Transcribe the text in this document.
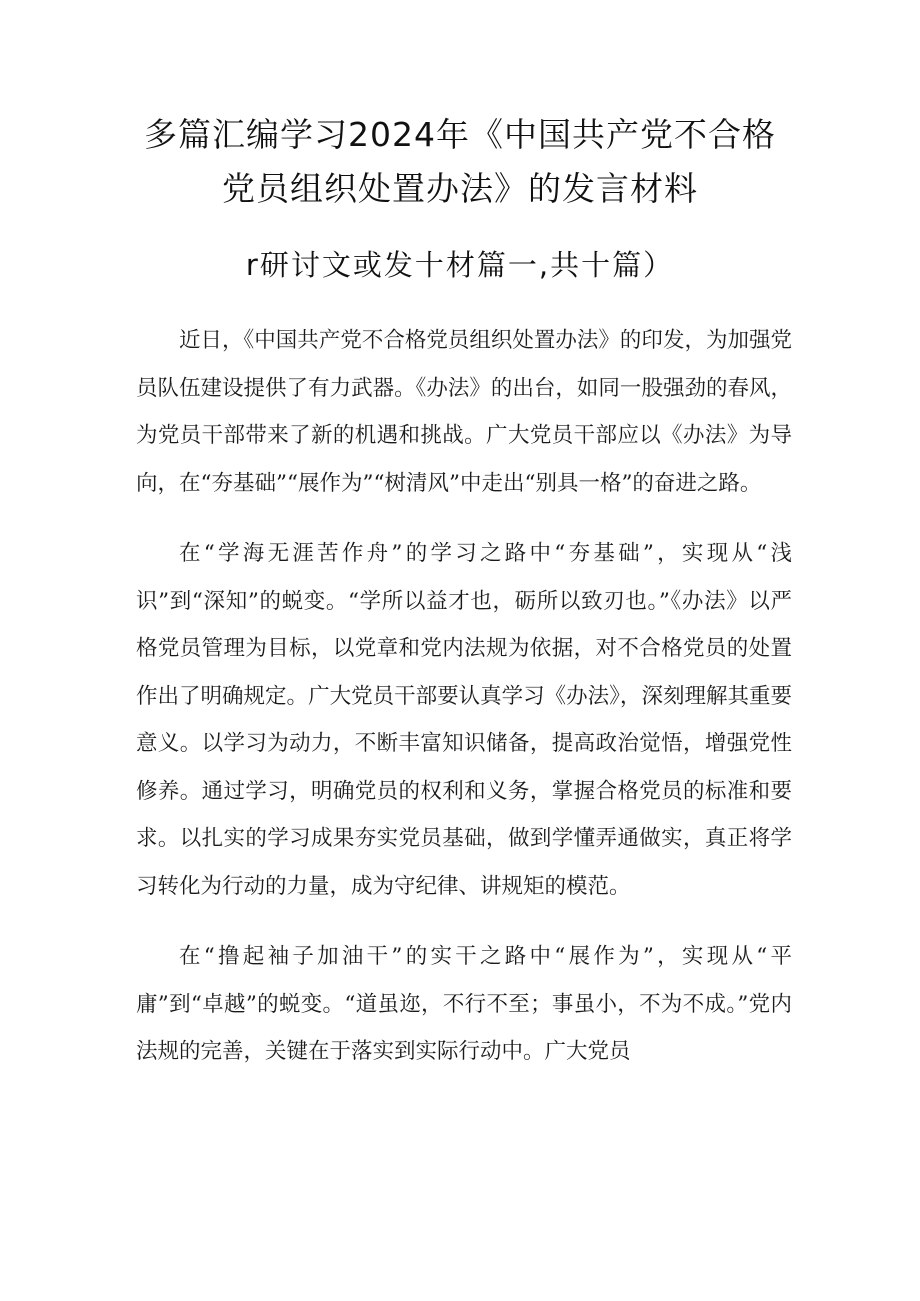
多篇汇编学习2024年《中国共产党不合格
党员组织处置办法》的发言材料
r研讨文或发十材篇一,共十篇）

近日，《中国共产党不合格党员组织处置办法》的印发，为加强党员队伍建设提供了有力武器。《办法》的出台，如同一股强劲的春风，为党员干部带来了新的机遇和挑战。广大党员干部应以《办法》为导向，在“夯基础”“展作为”“树清风”中走出“别具一格”的奋进之路。

在“学海无涯苦作舟”的学习之路中“夯基础”，实现从“浅识”到“深知”的蜕变。“学所以益才也，砺所以致刃也。”《办法》以严格党员管理为目标，以党章和党内法规为依据，对不合格党员的处置作出了明确规定。广大党员干部要认真学习《办法》，深刻理解其重要意义。以学习为动力，不断丰富知识储备，提高政治觉悟，增强党性修养。通过学习，明确党员的权利和义务，掌握合格党员的标准和要求。以扎实的学习成果夯实党员基础，做到学懂弄通做实，真正将学习转化为行动的力量，成为守纪律、讲规矩的模范。

在“撸起袖子加油干”的实干之路中“展作为”，实现从“平庸”到“卓越”的蜕变。“道虽迩，不行不至；事虽小，不为不成。”党内法规的完善，关键在于落实到实际行动中。广大党员
